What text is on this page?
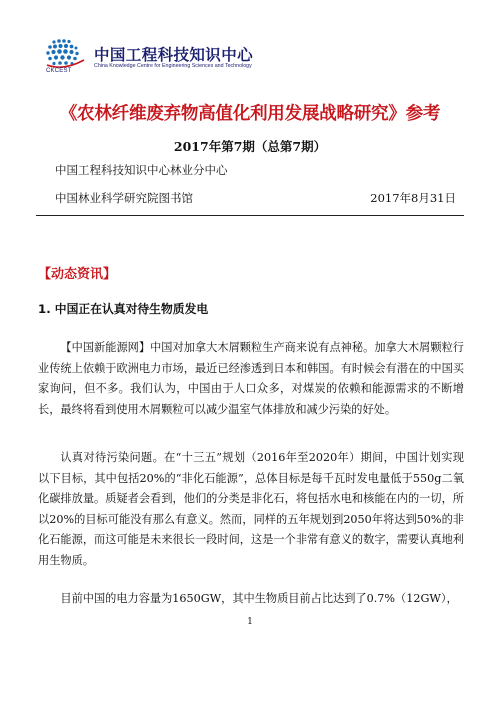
CKCEST
中国工程科技知识中心
China Knowledge Centre for Engineering Sciences and Technology
《农林纤维废弃物高值化利用发展战略研究》参考
2017年第7期（总第7期）
中国工程科技知识中心林业分中心
中国林业科学研究院图书馆	2017年8月31日
【动态资讯】
1. 中国正在认真对待生物质发电

【中国新能源网】中国对加拿大木屑颗粒生产商来说有点神秘。加拿大木屑颗粒行业传统上依赖于欧洲电力市场，最近已经渗透到日本和韩国。有时候会有潜在的中国买家询问，但不多。我们认为，中国由于人口众多，对煤炭的依赖和能源需求的不断增长，最终将看到使用木屑颗粒可以减少温室气体排放和减少污染的好处。

认真对待污染问题。在“十三五”规划（2016年至2020年）期间，中国计划实现以下目标，其中包括20%的“非化石能源”，总体目标是每千瓦时发电量低于550g二氧化碳排放量。质疑者会看到，他们的分类是非化石，将包括水电和核能在内的一切，所以20%的目标可能没有那么有意义。然而，同样的五年规划到2050年将达到50%的非化石能源，而这可能是未来很长一段时间，这是一个非常有意义的数字，需要认真地利用生物质。

目前中国的电力容量为1650GW，其中生物质目前占比达到了0.7%（12GW），

1
